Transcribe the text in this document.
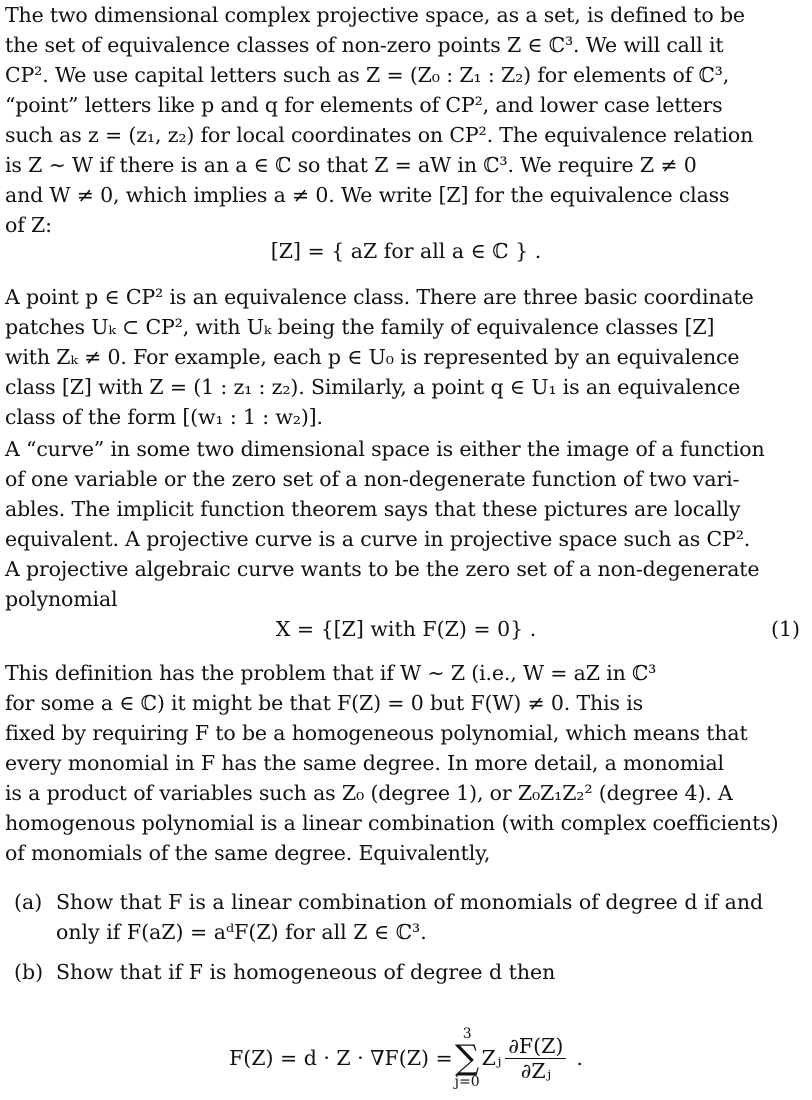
The two dimensional complex projective space, as a set, is defined to be
the set of equivalence classes of non-zero points Z ∈ ℂ³. We will call it
CP². We use capital letters such as Z = (Z₀ : Z₁ : Z₂) for elements of ℂ³,
“point” letters like p and q for elements of CP², and lower case letters
such as z = (z₁, z₂) for local coordinates on CP². The equivalence relation
is Z ∼ W if there is an a ∈ ℂ so that Z = aW in ℂ³. We require Z ≠ 0
and W ≠ 0, which implies a ≠ 0. We write [Z] for the equivalence class
of Z:
[Z] = { aZ for all a ∈ ℂ } .
A point p ∈ CP² is an equivalence class. There are three basic coordinate
patches Uₖ ⊂ CP², with Uₖ being the family of equivalence classes [Z]
with Zₖ ≠ 0. For example, each p ∈ U₀ is represented by an equivalence
class [Z] with Z = (1 : z₁ : z₂). Similarly, a point q ∈ U₁ is an equivalence
class of the form [(w₁ : 1 : w₂)].
A “curve” in some two dimensional space is either the image of a function
of one variable or the zero set of a non-degenerate function of two vari-
ables. The implicit function theorem says that these pictures are locally
equivalent. A projective curve is a curve in projective space such as CP².
A projective algebraic curve wants to be the zero set of a non-degenerate
polynomial
X = {[Z] with F(Z) = 0} .	(1)
This definition has the problem that if W ∼ Z (i.e., W = aZ in ℂ³
for some a ∈ ℂ) it might be that F(Z) = 0 but F(W) ≠ 0. This is
fixed by requiring F to be a homogeneous polynomial, which means that
every monomial in F has the same degree. In more detail, a monomial
is a product of variables such as Z₀ (degree 1), or Z₀Z₁Z₂² (degree 4). A
homogenous polynomial is a linear combination (with complex coefficients)
of monomials of the same degree. Equivalently,
(a) Show that F is a linear combination of monomials of degree d if and
only if F(aZ) = aᵈF(Z) for all Z ∈ ℂ³.
(b) Show that if F is homogeneous of degree d then
F(Z) = d · Z · ∇F(Z) =
3
∑
j=0
Zⱼ $\frac{\partial F(Z)}{\text{∂Zⱼ}}$ .
